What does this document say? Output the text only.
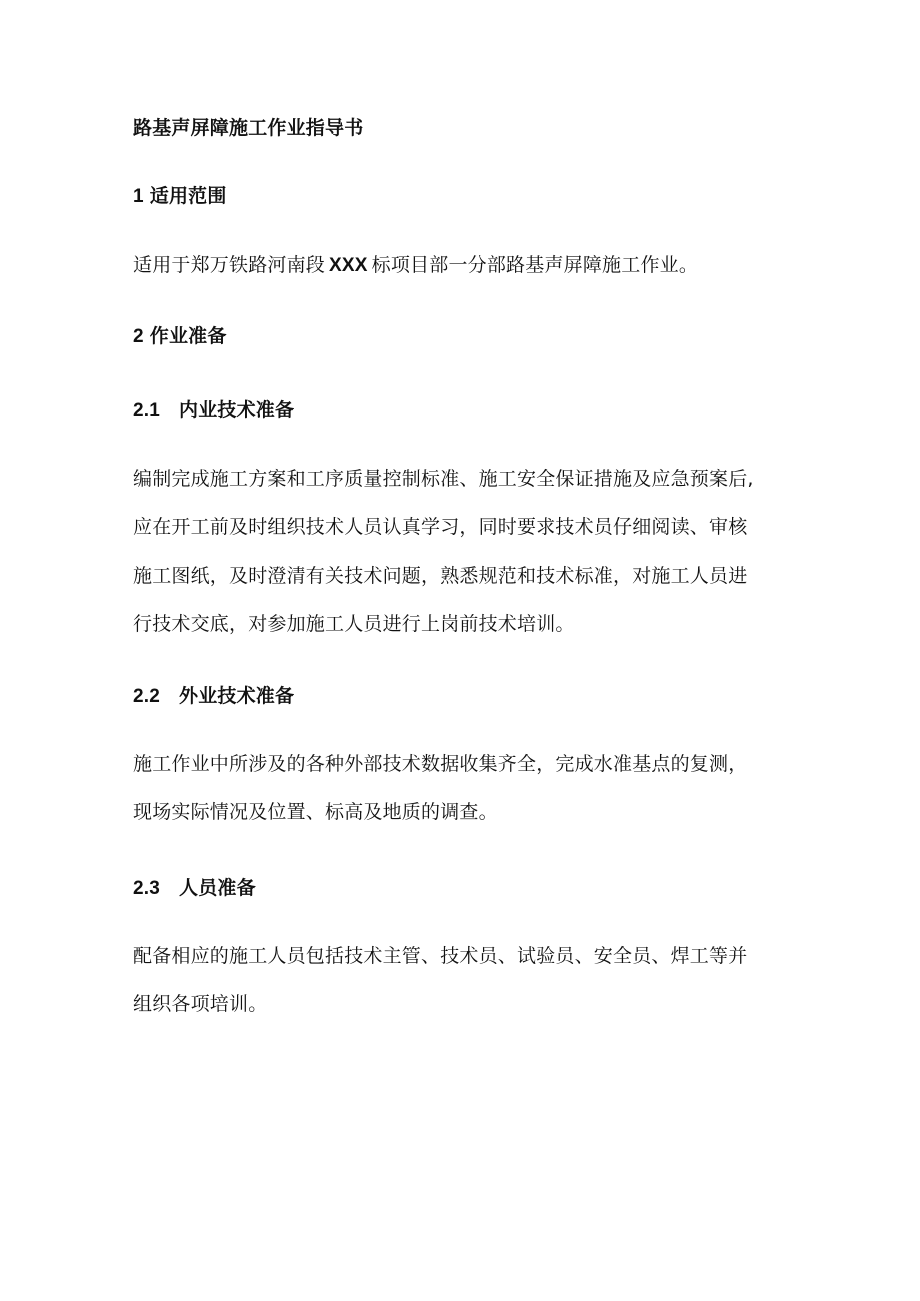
路基声屏障施工作业指导书
1 适用范围
适用于郑万铁路河南段 XXX 标项目部一分部路基声屏障施工作业。
2 作业准备
2.1 内业技术准备
编制完成施工方案和工序质量控制标准、施工安全保证措施及应急预案后,
应在开工前及时组织技术人员认真学习，同时要求技术员仔细阅读、审核
施工图纸，及时澄清有关技术问题，熟悉规范和技术标准，对施工人员进
行技术交底，对参加施工人员进行上岗前技术培训。
2.2 外业技术准备
施工作业中所涉及的各种外部技术数据收集齐全，完成水准基点的复测，
现场实际情况及位置、标高及地质的调查。
2.3 人员准备
配备相应的施工人员包括技术主管、技术员、试验员、安全员、焊工等并
组织各项培训。
